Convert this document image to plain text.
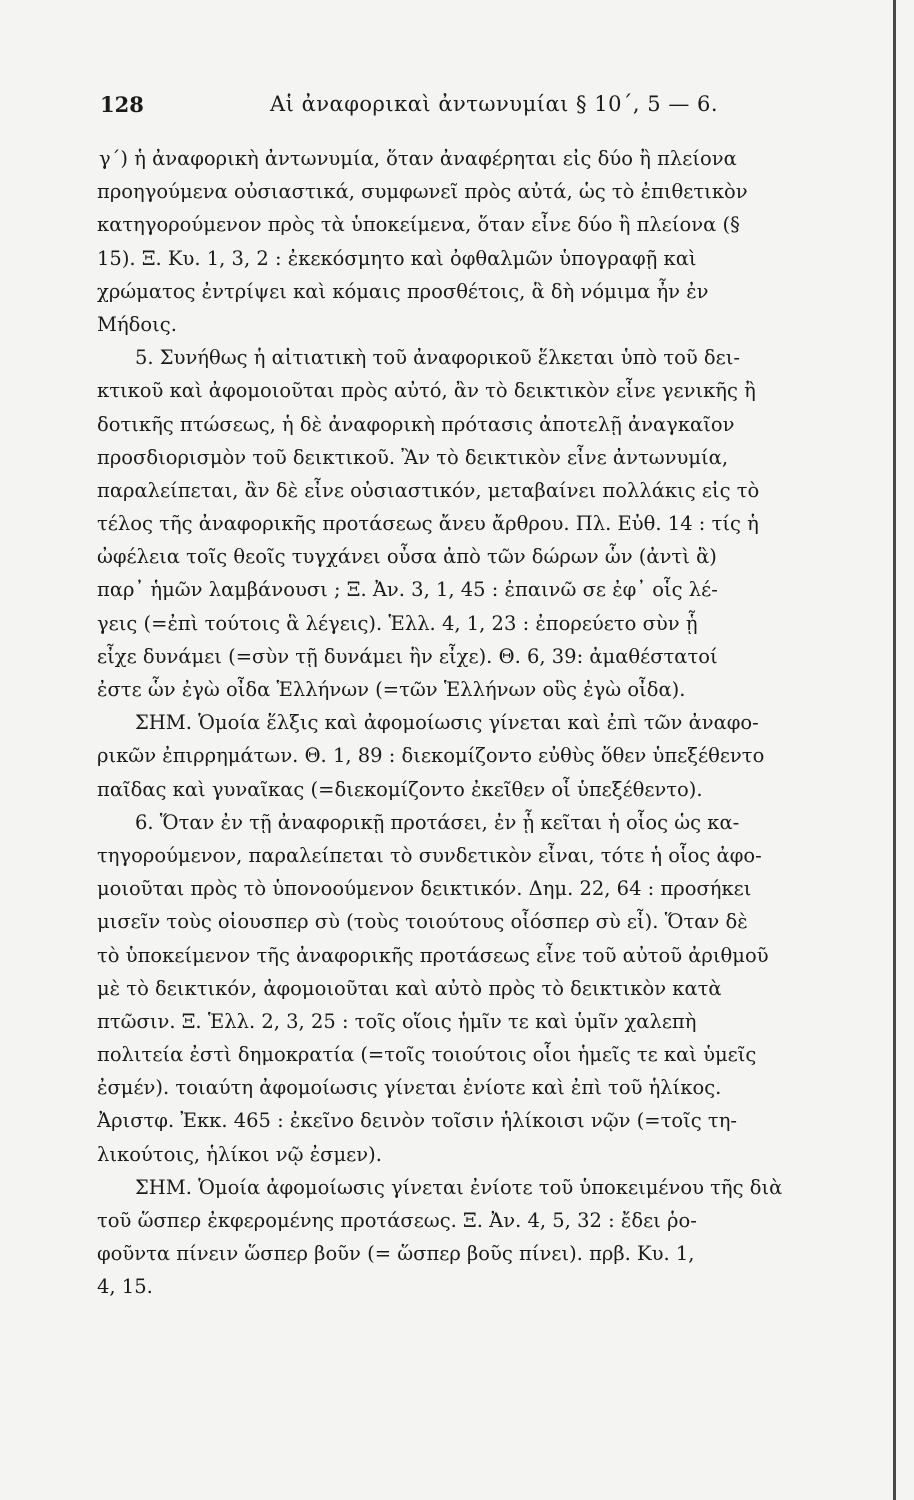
128	Αἱ ἀναφορικαὶ ἀντωνυμίαι § 10´, 5 — 6.
γ΄) ἡ ἀναφορικὴ ἀντωνυμία, ὅταν ἀναφέρηται εἰς δύο ἢ πλείονα
προηγούμενα οὐσιαστικά, συμφωνεῖ πρὸς αὐτά, ὡς τὸ ἐπιθετικὸν
κατηγορούμενον πρὸς τὰ ὑποκείμενα, ὅταν εἶνε δύο ἢ πλείονα (§
15). Ξ. Κυ. 1, 3, 2 : ἐκεκόσμητο καὶ ὀφθαλμῶν ὑπογραφῇ καὶ
χρώματος ἐντρίψει καὶ κόμαις προσθέτοις, ἃ δὴ νόμιμα ἦν ἐν
Μήδοις.
5. Συνήθως ἡ αἰτιατικὴ τοῦ ἀναφορικοῦ ἕλκεται ὑπὸ τοῦ δει-
κτικοῦ καὶ ἀφομοιοῦται πρὸς αὐτό, ἂν τὸ δεικτικὸν εἶνε γενικῆς ἢ
δοτικῆς πτώσεως, ἡ δὲ ἀναφορικὴ πρότασις ἀποτελῇ ἀναγκαῖον
προσδιορισμὸν τοῦ δεικτικοῦ. Ἂν τὸ δεικτικὸν εἶνε ἀντωνυμία,
παραλείπεται, ἂν δὲ εἶνε οὐσιαστικόν, μεταβαίνει πολλάκις εἰς τὸ
τέλος τῆς ἀναφορικῆς προτάσεως ἄνευ ἄρθρου. Πλ. Εὐθ. 14 : τίς ἡ
ὠφέλεια τοῖς θεοῖς τυγχάνει οὖσα ἀπὸ τῶν δώρων ὧν (ἀντὶ ἃ)
παρ᾽ ἡμῶν λαμβάνουσι ; Ξ. Ἀν. 3, 1, 45 : ἐπαινῶ σε ἐφ᾽ οἷς λέ-
γεις (=ἐπὶ τούτοις ἃ λέγεις). Ἑλλ. 4, 1, 23 : ἐπορεύετο σὺν ᾗ
εἶχε δυνάμει (=σὺν τῇ δυνάμει ἣν εἶχε). Θ. 6, 39: ἀμαθέστατοί
ἐστε ὧν ἐγὼ οἶδα Ἑλλήνων (=τῶν Ἑλλήνων οὓς ἐγὼ οἶδα).
ΣΗΜ. Ὁμοία ἕλξις καὶ ἀφομοίωσις γίνεται καὶ ἐπὶ τῶν ἀναφο-
ρικῶν ἐπιρρημάτων. Θ. 1, 89 : διεκομίζοντο εὐθὺς ὅθεν ὑπεξέθεντο
παῖδας καὶ γυναῖκας (=διεκομίζοντο ἐκεῖθεν οἷ ὑπεξέθεντο).
6. Ὅταν ἐν τῇ ἀναφορικῇ προτάσει, ἐν ᾗ κεῖται ἡ οἷος ὡς κα-
τηγορούμενον, παραλείπεται τὸ συνδετικὸν εἶναι, τότε ἡ οἷος ἀφο-
μοιοῦται πρὸς τὸ ὑπονοούμενον δεικτικόν. Δημ. 22, 64 : προσήκει
μισεῖν τοὺς οἱουσπερ σὺ (τοὺς τοιούτους οἷόσπερ σὺ εἶ). Ὅταν δὲ
τὸ ὑποκείμενον τῆς ἀναφορικῆς προτάσεως εἶνε τοῦ αὐτοῦ ἀριθμοῦ
μὲ τὸ δεικτικόν, ἀφομοιοῦται καὶ αὐτὸ πρὸς τὸ δεικτικὸν κατὰ
πτῶσιν. Ξ. Ἑλλ. 2, 3, 25 : τοῖς οἵοις ἡμῖν τε καὶ ὑμῖν χαλεπὴ
πολιτεία ἐστὶ δημοκρατία (=τοῖς τοιούτοις οἷοι ἡμεῖς τε καὶ ὑμεῖς
ἐσμέν). τοιαύτη ἀφομοίωσις γίνεται ἐνίοτε καὶ ἐπὶ τοῦ ἡλίκος.
Ἀριστφ. Ἐκκ. 465 : ἐκεῖνο δεινὸν τοῖσιν ἡλίκοισι νῷν (=τοῖς τη-
λικούτοις, ἡλίκοι νῷ ἐσμεν).
ΣΗΜ. Ὁμοία ἀφομοίωσις γίνεται ἐνίοτε τοῦ ὑποκειμένου τῆς διὰ
τοῦ ὥσπερ ἐκφερομένης προτάσεως. Ξ. Ἀν. 4, 5, 32 : ἔδει ῥο-
φοῦντα πίνειν ὥσπερ βοῦν (= ὥσπερ βοῦς πίνει). πρβ. Κυ. 1,
4, 15.
